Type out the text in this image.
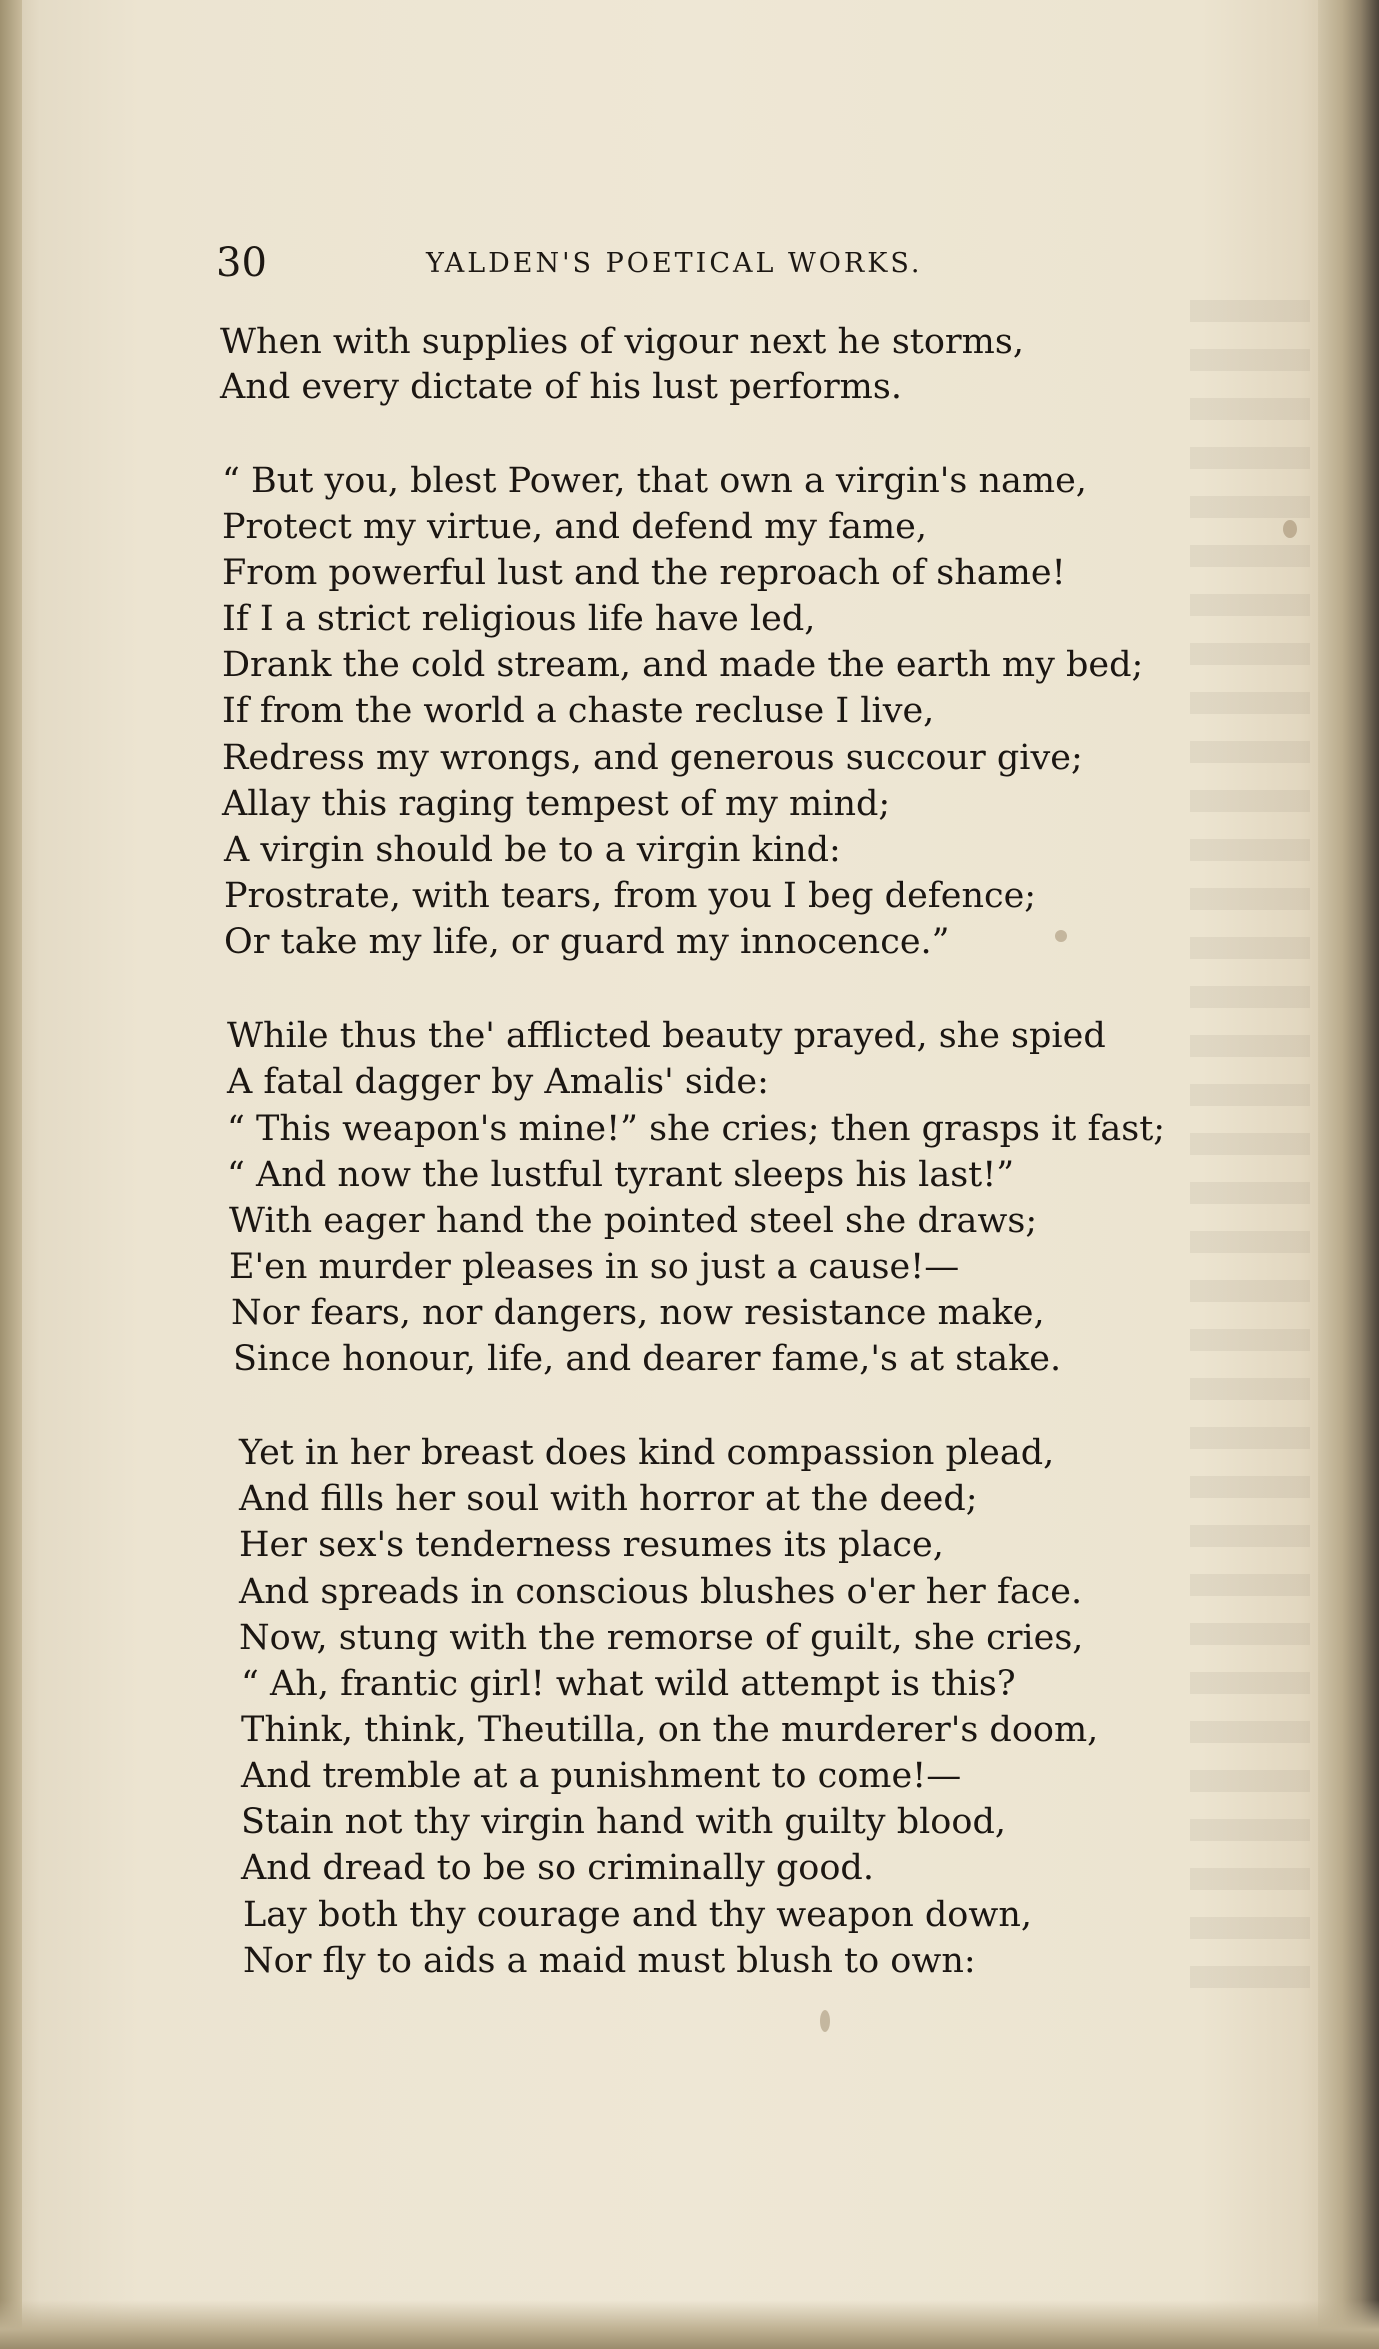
30	YALDEN'S POETICAL WORKS.
When with supplies of vigour next he storms,
And every dictate of his lust performs.
“ But you, blest Power, that own a virgin's name,
Protect my virtue, and defend my fame,
From powerful lust and the reproach of shame!
If I a strict religious life have led,
Drank the cold stream, and made the earth my bed;
If from the world a chaste recluse I live,
Redress my wrongs, and generous succour give;
Allay this raging tempest of my mind;
A virgin should be to a virgin kind:
Prostrate, with tears, from you I beg defence;
Or take my life, or guard my innocence.”
While thus the' afflicted beauty prayed, she spied
A fatal dagger by Amalis' side:
“ This weapon's mine!” she cries; then grasps it fast;
“ And now the lustful tyrant sleeps his last!”
With eager hand the pointed steel she draws;
E'en murder pleases in so just a cause!—
Nor fears, nor dangers, now resistance make,
Since honour, life, and dearer fame,'s at stake.
Yet in her breast does kind compassion plead,
And fills her soul with horror at the deed;
Her sex's tenderness resumes its place,
And spreads in conscious blushes o'er her face.
Now, stung with the remorse of guilt, she cries,
“ Ah, frantic girl! what wild attempt is this?
Think, think, Theutilla, on the murderer's doom,
And tremble at a punishment to come!—
Stain not thy virgin hand with guilty blood,
And dread to be so criminally good.
Lay both thy courage and thy weapon down,
Nor fly to aids a maid must blush to own:
